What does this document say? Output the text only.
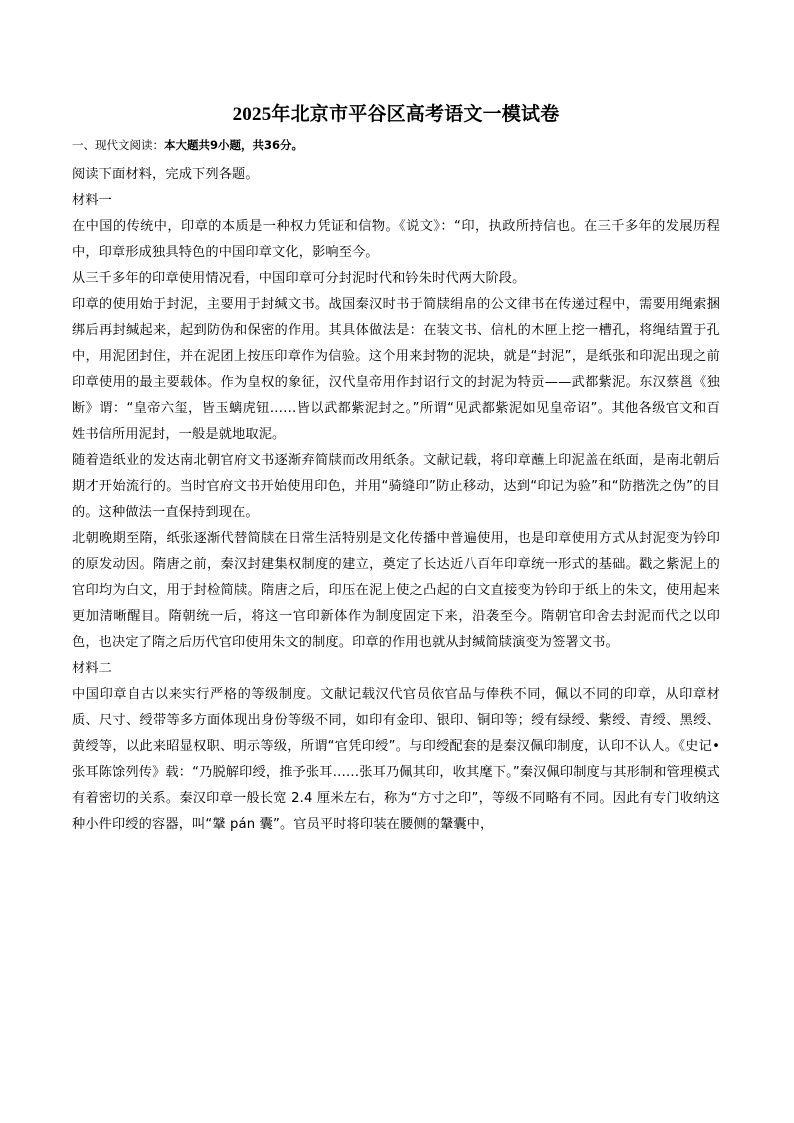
2025年北京市平谷区高考语文一模试卷
一、现代文阅读：本大题共9小题，共36分。

阅读下面材料，完成下列各题。

材料一

在中国的传统中，印章的本质是一种权力凭证和信物。《说文》：“印，执政所持信也。在三千多年的发展历程中，印章形成独具特色的中国印章文化，影响至今。

从三千多年的印章使用情况看，中国印章可分封泥时代和钤朱时代两大阶段。

印章的使用始于封泥，主要用于封缄文书。战国秦汉时书于简牍绢帛的公文律书在传递过程中，需要用绳索捆绑后再封缄起来，起到防伪和保密的作用。其具体做法是：在装文书、信札的木匣上挖一槽孔，将绳结置于孔中，用泥团封住，并在泥团上按压印章作为信验。这个用来封物的泥块，就是“封泥”，是纸张和印泥出现之前印章使用的最主要载体。作为皇权的象征，汉代皇帝用作封诏行文的封泥为特贡——武都紫泥。东汉蔡邕《独断》谓：“皇帝六玺，皆玉螭虎钮……皆以武都紫泥封之。”所谓“见武都紫泥如见皇帝诏”。其他各级官文和百姓书信所用泥封，一般是就地取泥。

随着造纸业的发达南北朝官府文书逐渐弃简牍而改用纸条。文献记载，将印章蘸上印泥盖在纸面，是南北朝后期才开始流行的。当时官府文书开始使用印色，并用“骑缝印”防止移动，达到“印记为验”和“防揩洗之伪”的目的。这种做法一直保持到现在。

北朝晚期至隋，纸张逐渐代替简牍在日常生活特别是文化传播中普遍使用，也是印章使用方式从封泥变为钤印的原发动因。隋唐之前，秦汉封建集权制度的建立，奠定了长达近八百年印章统一形式的基础。戳之紫泥上的官印均为白文，用于封检简牍。隋唐之后，印压在泥上使之凸起的白文直接变为钤印于纸上的朱文，使用起来更加清晰醒目。隋朝统一后，将这一官印新体作为制度固定下来，沿袭至今。隋朝官印舍去封泥而代之以印色，也决定了隋之后历代官印使用朱文的制度。印章的作用也就从封缄简牍演变为签署文书。

材料二

中国印章自古以来实行严格的等级制度。文献记载汉代官员依官品与俸秩不同，佩以不同的印章，从印章材质、尺寸、绶带等多方面体现出身份等级不同，如印有金印、银印、铜印等；绶有绿绶、紫绶、青绶、黑绶、黄绶等，以此来昭显权职、明示等级，所谓“官凭印绶”。与印绶配套的是秦汉佩印制度，认印不认人。《史记•张耳陈馀列传》载：“乃脱解印绶，推予张耳……张耳乃佩其印，收其麾下。”秦汉佩印制度与其形制和管理模式有着密切的关系。秦汉印章一般长宽 2.4 厘米左右，称为“方寸之印”，等级不同略有不同。因此有专门收纳这种小件印绶的容器，叫“鞶 pán 囊”。官员平时将印装在腰侧的鞶囊中，
